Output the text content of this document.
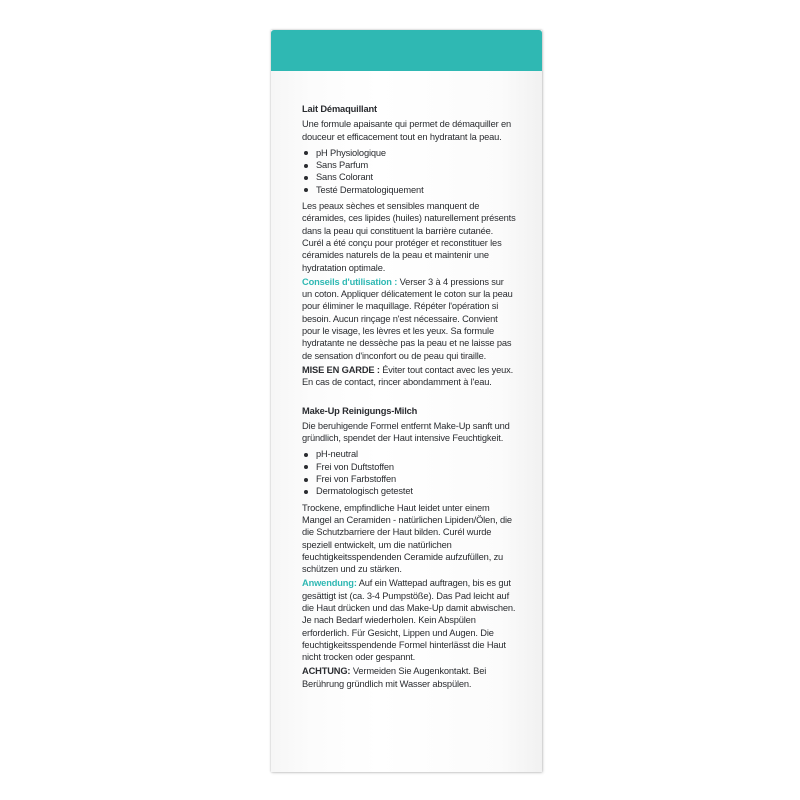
Lait Démaquillant

Une formule apaisante qui permet de démaquiller en douceur et efficacement tout en hydratant la peau.

pH Physiologique
Sans Parfum
Sans Colorant
Testé Dermatologiquement

Les peaux sèches et sensibles manquent de céramides, ces lipides (huiles) naturellement présents dans la peau qui constituent la barrière cutanée. Curél a été conçu pour protéger et reconstituer les céramides naturels de la peau et maintenir une hydratation optimale.

Conseils d'utilisation : Verser 3 à 4 pressions sur un coton. Appliquer délicatement le coton sur la peau pour éliminer le maquillage. Répéter l'opération si besoin. Aucun rinçage n'est nécessaire. Convient pour le visage, les lèvres et les yeux. Sa formule hydratante ne dessèche pas la peau et ne laisse pas de sensation d'inconfort ou de peau qui tiraille.

MISE EN GARDE : Éviter tout contact avec les yeux. En cas de contact, rincer abondamment à l'eau.

Make-Up Reinigungs-Milch

Die beruhigende Formel entfernt Make-Up sanft und gründlich, spendet der Haut intensive Feuchtigkeit.

pH-neutral
Frei von Duftstoffen
Frei von Farbstoffen
Dermatologisch getestet

Trockene, empfindliche Haut leidet unter einem Mangel an Ceramiden - natürlichen Lipiden/Ölen, die die Schutzbarriere der Haut bilden. Curél wurde speziell entwickelt, um die natürlichen feuchtigkeitsspendenden Ceramide aufzufüllen, zu schützen und zu stärken.

Anwendung: Auf ein Wattepad auftragen, bis es gut gesättigt ist (ca. 3-4 Pumpstöße). Das Pad leicht auf die Haut drücken und das Make-Up damit abwischen. Je nach Bedarf wiederholen. Kein Abspülen erforderlich. Für Gesicht, Lippen und Augen. Die feuchtigkeitsspendende Formel hinterlässt die Haut nicht trocken oder gespannt.

ACHTUNG: Vermeiden Sie Augenkontakt. Bei Berührung gründlich mit Wasser abspülen.
